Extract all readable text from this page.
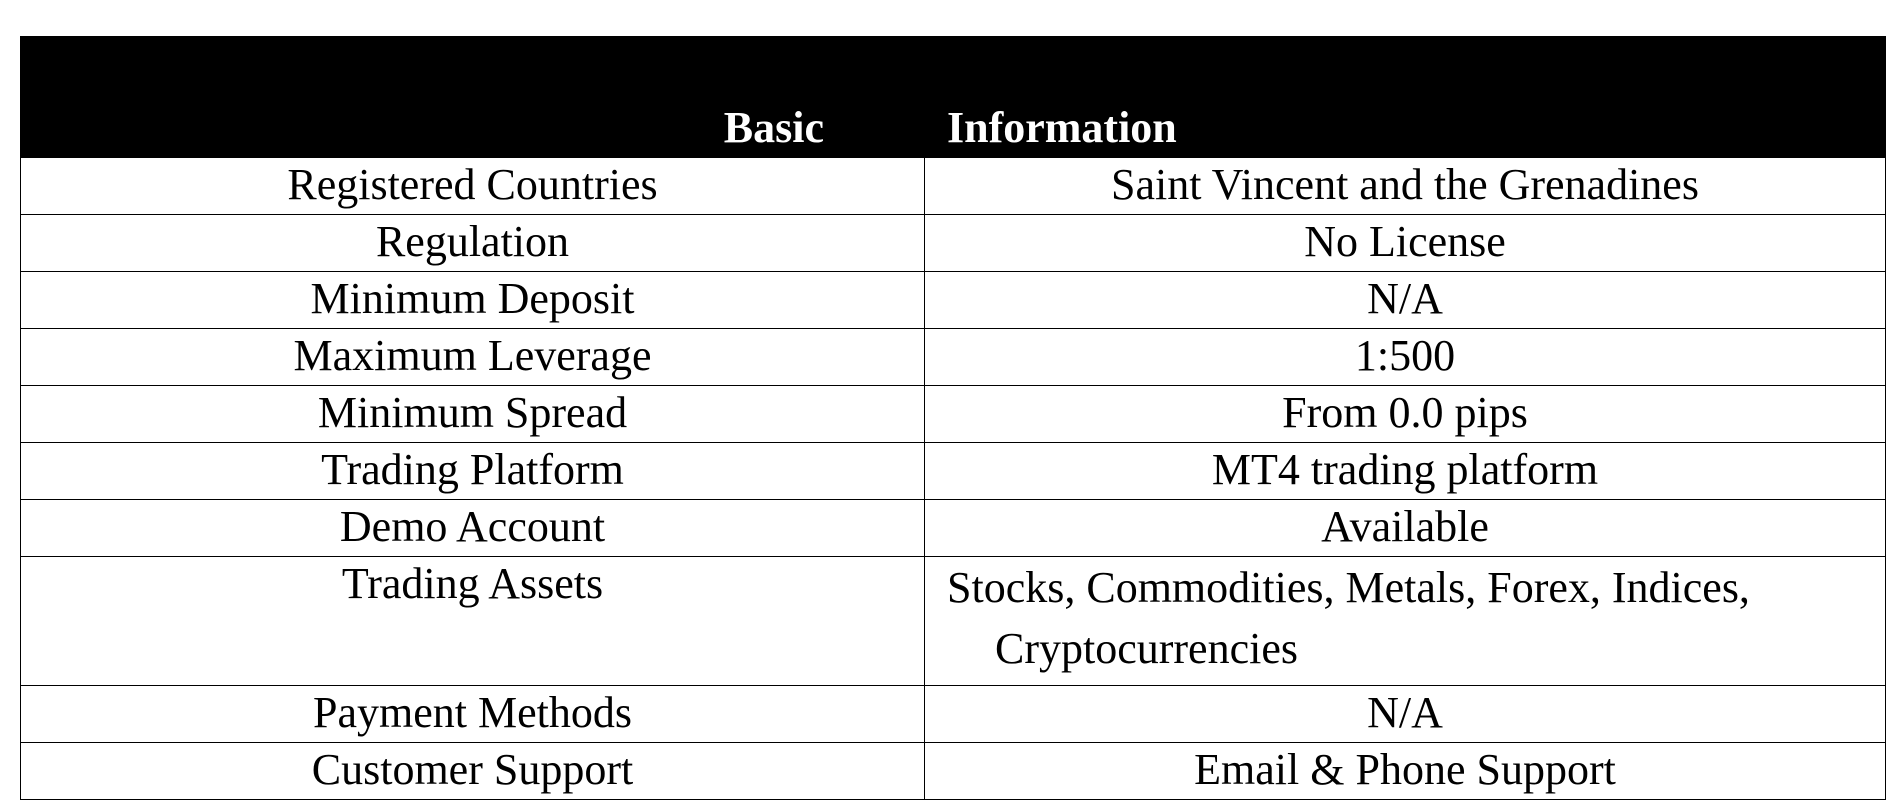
Basic	Information
Registered Countries	Saint Vincent and the Grenadines
Regulation	No License
Minimum Deposit	N/A
Maximum Leverage	1:500
Minimum Spread	From 0.0 pips
Trading Platform	MT4 trading platform
Demo Account	Available
Trading Assets	Stocks, Commodities, Metals, Forex, Indices,
Cryptocurrencies

Payment Methods	N/A
Customer Support	Email & Phone Support
